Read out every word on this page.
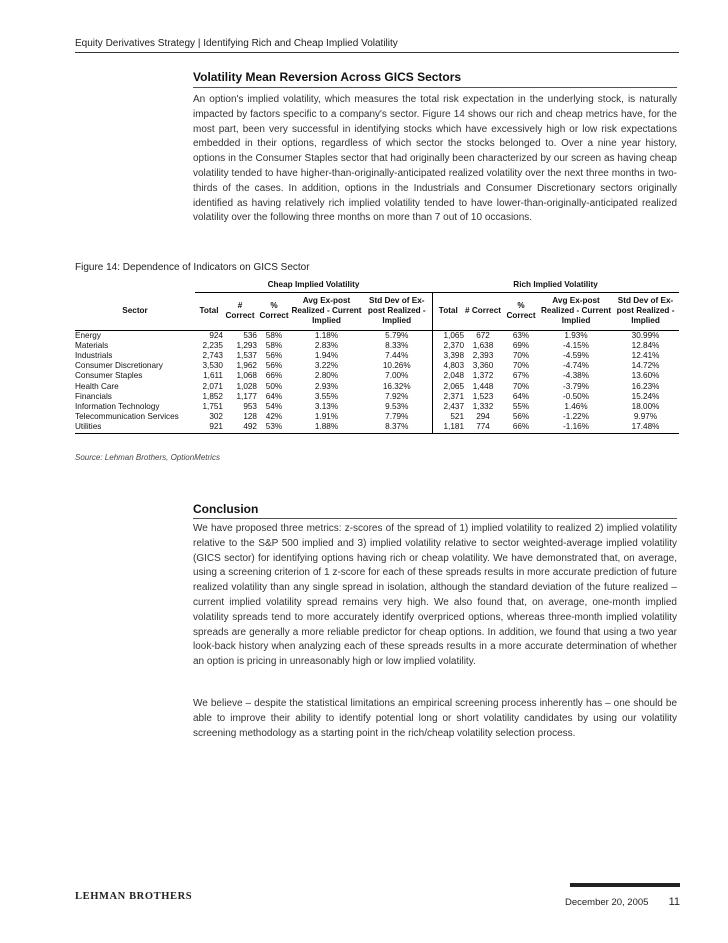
Equity Derivatives Strategy | Identifying Rich and Cheap Implied Volatility
Volatility Mean Reversion Across GICS Sectors

An option's implied volatility, which measures the total risk expectation in the underlying stock, is naturally impacted by factors specific to a company's sector. Figure 14 shows our rich and cheap metrics have, for the most part, been very successful in identifying stocks which have excessively high or low risk expectations embedded in their options, regardless of which sector the stocks belonged to. Over a nine year history, options in the Consumer Staples sector that had originally been characterized by our screen as having cheap volatility tended to have higher-than-originally-anticipated realized volatility over the next three months in two-thirds of the cases. In addition, options in the Industrials and Consumer Discretionary sectors originally identified as having relatively rich implied volatility tended to have lower-than-originally-anticipated realized volatility over the following three months on more than 7 out of 10 occasions.

Figure 14: Dependence of Indicators on GICS Sector
	Cheap Implied Volatility					Rich Implied Volatility				
Sector	Total	# Correct	% Correct	Avg Ex-post Realized - Current Implied	Std Dev of Ex-post Realized - Implied	Total	# Correct	% Correct	Avg Ex-post Realized - Current Implied	Std Dev of Ex-post Realized - Implied
Energy	924	536	58%	1.18%	5.79%	1,065	672	63%	1.93%	30.99%
Materials	2,235	1,293	58%	2.83%	8.33%	2,370	1,638	69%	-4.15%	12.84%
Industrials	2,743	1,537	56%	1.94%	7.44%	3,398	2,393	70%	-4.59%	12.41%
Consumer Discretionary	3,530	1,962	56%	3.22%	10.26%	4,803	3,360	70%	-4.74%	14.72%
Consumer Staples	1,611	1,068	66%	2.80%	7.00%	2,048	1,372	67%	-4.38%	13.60%
Health Care	2,071	1,028	50%	2.93%	16.32%	2,065	1,448	70%	-3.79%	16.23%
Financials	1,852	1,177	64%	3.55%	7.92%	2,371	1,523	64%	-0.50%	15.24%
Information Technology	1,751	953	54%	3.13%	9.53%	2,437	1,332	55%	1.46%	18.00%
Telecommunication Services	302	128	42%	1.91%	7.79%	521	294	56%	-1.22%	9.97%
Utilities	921	492	53%	1.88%	8.37%	1,181	774	66%	-1.16%	17.48%
Source: Lehman Brothers, OptionMetrics
Conclusion

We have proposed three metrics: z-scores of the spread of 1) implied volatility to realized 2) implied volatility relative to the S&P 500 implied and 3) implied volatility relative to sector weighted-average implied volatility (GICS sector) for identifying options having rich or cheap volatility. We have demonstrated that, on average, using a screening criterion of 1 z-score for each of these spreads results in more accurate prediction of future realized volatility than any single spread in isolation, although the standard deviation of the future realized – current implied volatility spread remains very high. We also found that, on average, one-month implied volatility spreads tend to more accurately identify overpriced options, whereas three-month implied volatility spreads are generally a more reliable predictor for cheap options. In addition, we found that using a two year look-back history when analyzing each of these spreads results in a more accurate determination of whether an option is pricing in unreasonably high or low implied volatility.

We believe – despite the statistical limitations an empirical screening process inherently has – one should be able to improve their ability to identify potential long or short volatility candidates by using our volatility screening methodology as a starting point in the rich/cheap volatility selection process.

LEHMAN BROTHERS
December 20, 2005 11
